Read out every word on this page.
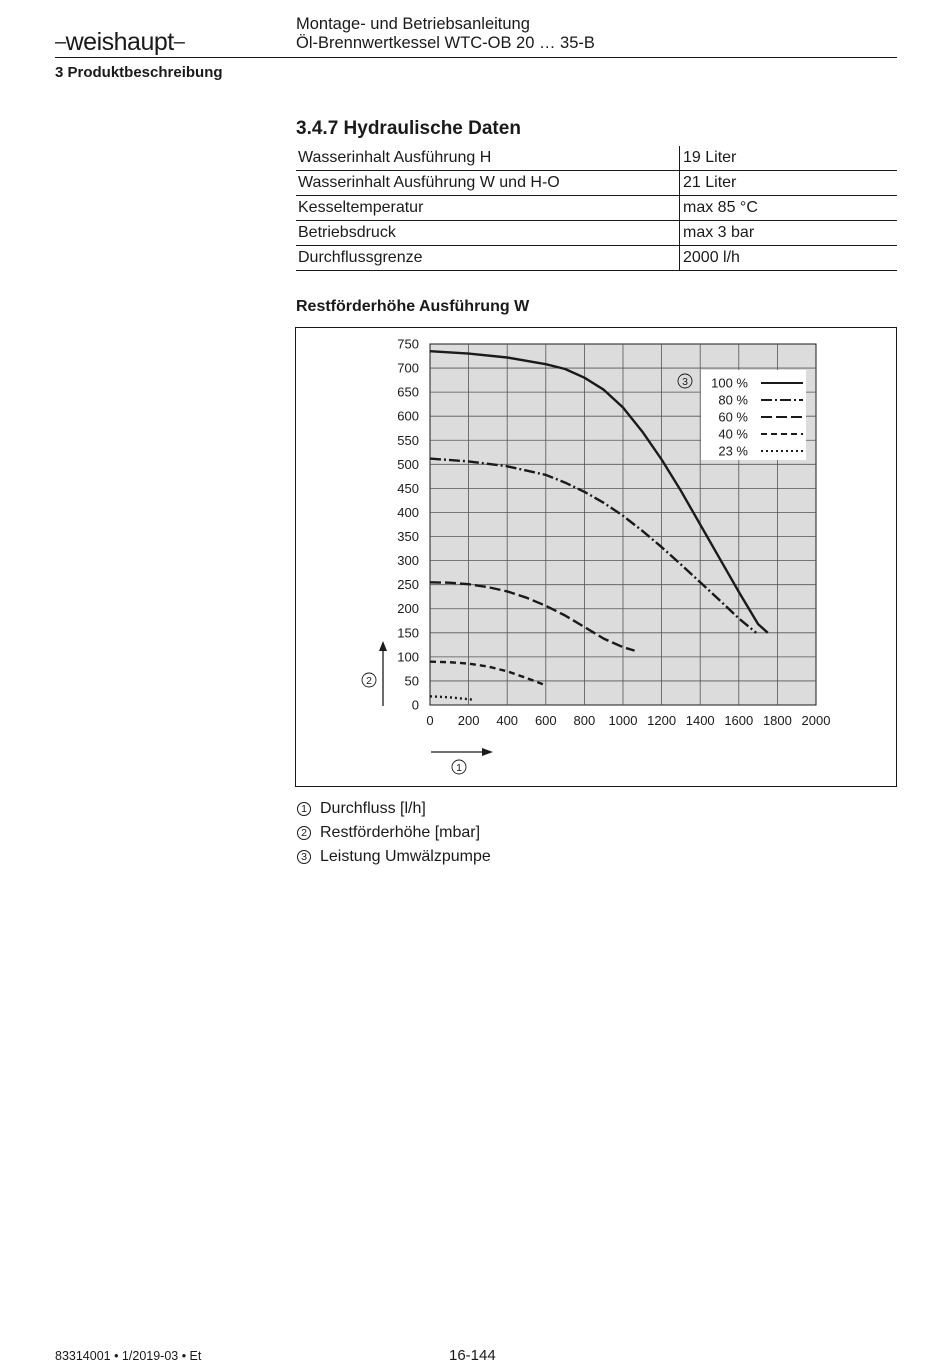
–weishaupt–
Montage- und Betriebsanleitung
Öl-Brennwertkessel WTC-OB 20 … 35-B
3 Produktbeschreibung
3.4.7 Hydraulische Daten
Wasserinhalt Ausführung H	19 Liter
Wasserinhalt Ausführung W und H-O	21 Liter
Kesseltemperatur	max 85 °C
Betriebsdruck	max 3 bar
Durchflussgrenze	2000 l/h
Restförderhöhe Ausführung W
0
50
100
150
200
250
300
350
400
450
500
550
600
650
700
750
0 200 400 600 800 1000 1200 1400 1600 1800 2000
100 %
80 %
60 %
40 %
23 %
3
2
1
1 Durchfluss [l/h]
2 Restförderhöhe [mbar]
3 Leistung Umwälzpumpe
83314001 • 1/2019-03 • Et	16-144
